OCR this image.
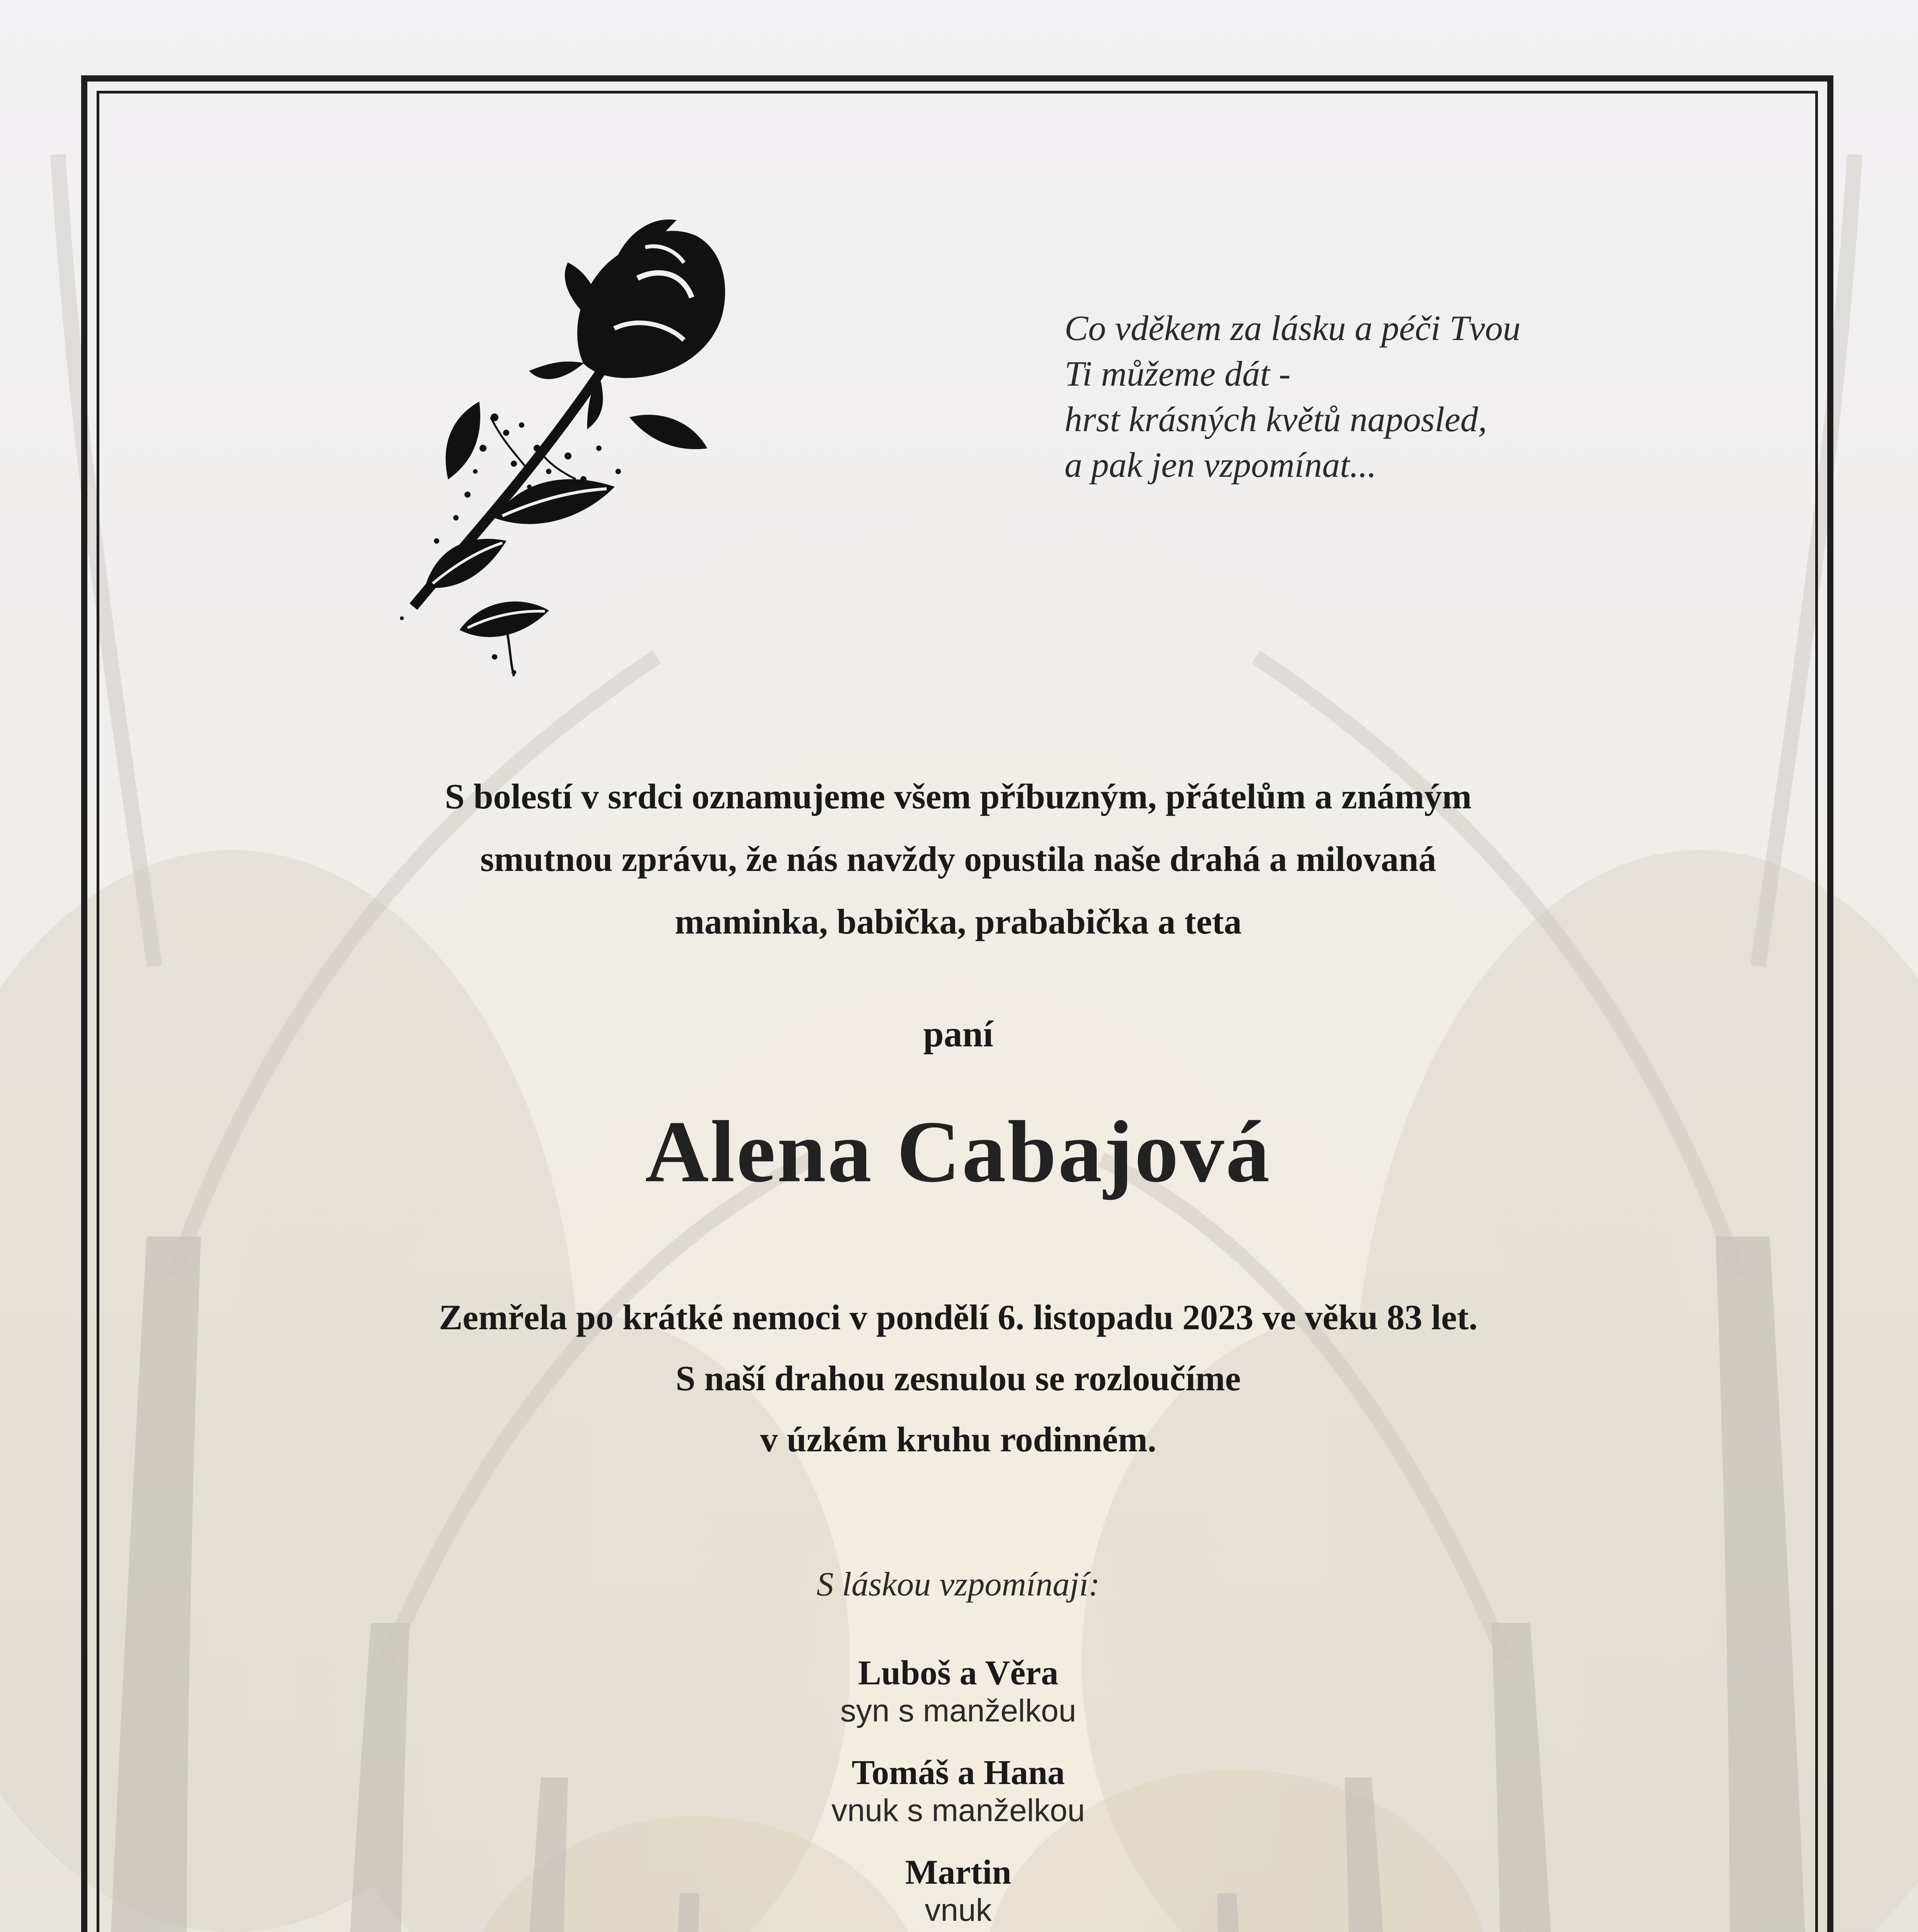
Co vděkem za lásku a péči Tvou
Ti můžeme dát -
hrst krásných květů naposled,
a pak jen vzpomínat...
S bolestí v srdci oznamujeme všem příbuzným, přátelům a známým
smutnou zprávu, že nás navždy opustila naše drahá a milovaná
maminka, babička, prababička a teta
paní
Alena Cabajová
Zemřela po krátké nemoci v pondělí 6. listopadu 2023 ve věku 83 let.
S naší drahou zesnulou se rozloučíme
v úzkém kruhu rodinném.
S láskou vzpomínají:
Luboš a Věra
syn s manželkou
Tomáš a Hana
vnuk s manželkou
Martin
vnuk
